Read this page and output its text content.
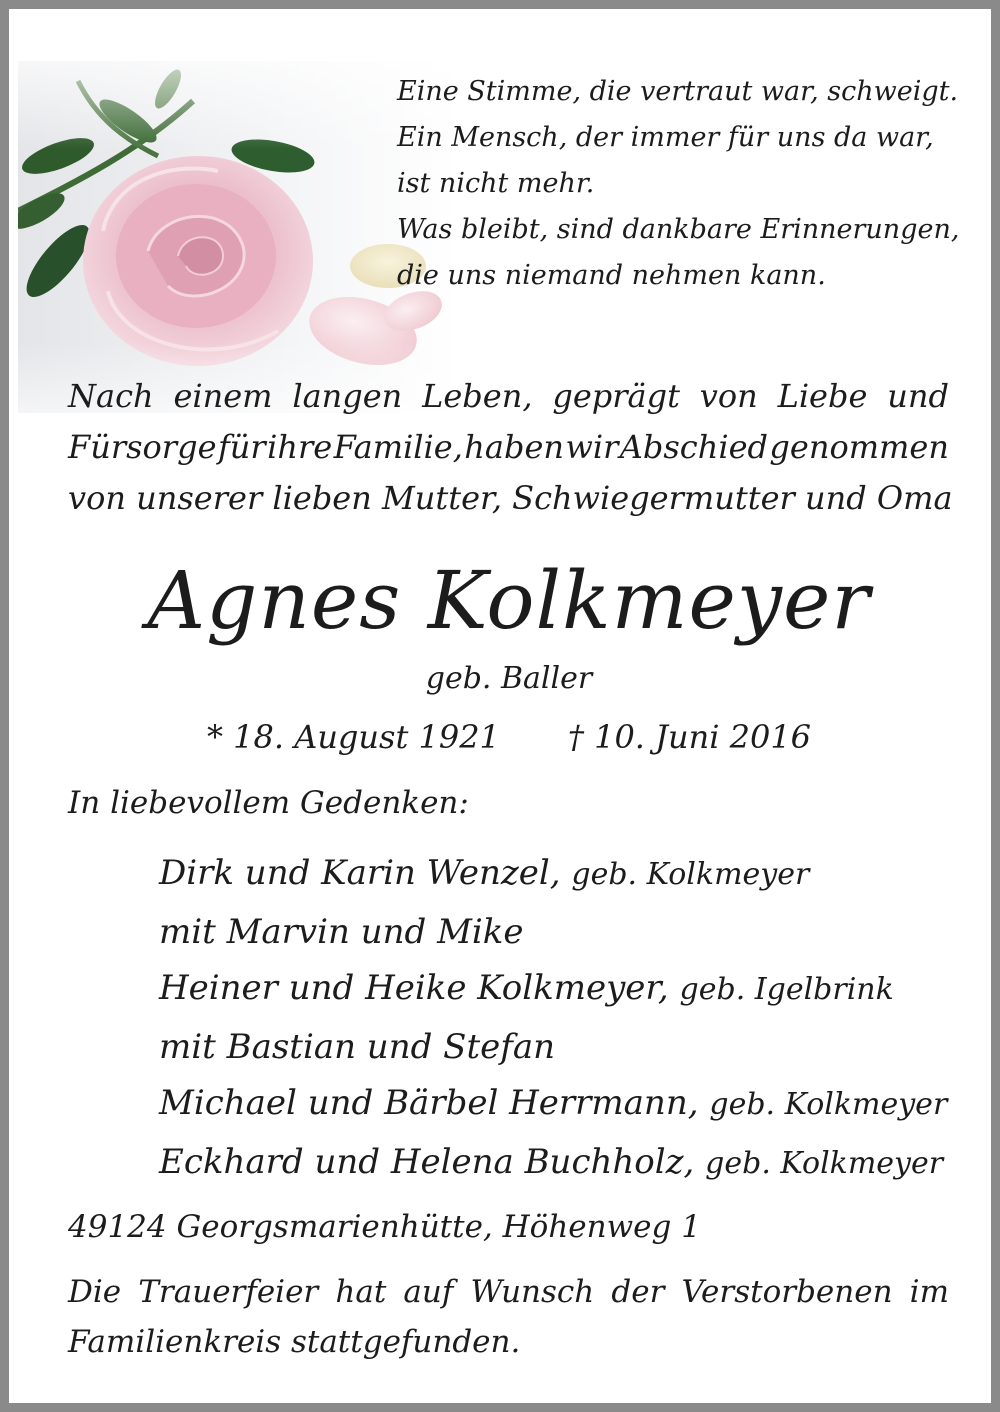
Eine Stimme, die vertraut war, schweigt.
Ein Mensch, der immer für uns da war,
ist nicht mehr.
Was bleibt, sind dankbare Erinnerungen,
die uns niemand nehmen kann.
Nach einem langen Leben, geprägt von Liebe und
Fürsorge für ihre Familie, haben wir Abschied genommen
von unserer lieben Mutter, Schwiegermutter und Oma
Agnes Kolkmeyer
geb. Baller
* 18. August 1921 † 10. Juni 2016
In liebevollem Gedenken:
Dirk und Karin Wenzel, geb. Kolkmeyer
mit Marvin und Mike
Heiner und Heike Kolkmeyer, geb. Igelbrink
mit Bastian und Stefan
Michael und Bärbel Herrmann, geb. Kolkmeyer
Eckhard und Helena Buchholz, geb. Kolkmeyer
49124 Georgsmarienhütte, Höhenweg 1
Die Trauerfeier hat auf Wunsch der Verstorbenen im
Familienkreis stattgefunden.
